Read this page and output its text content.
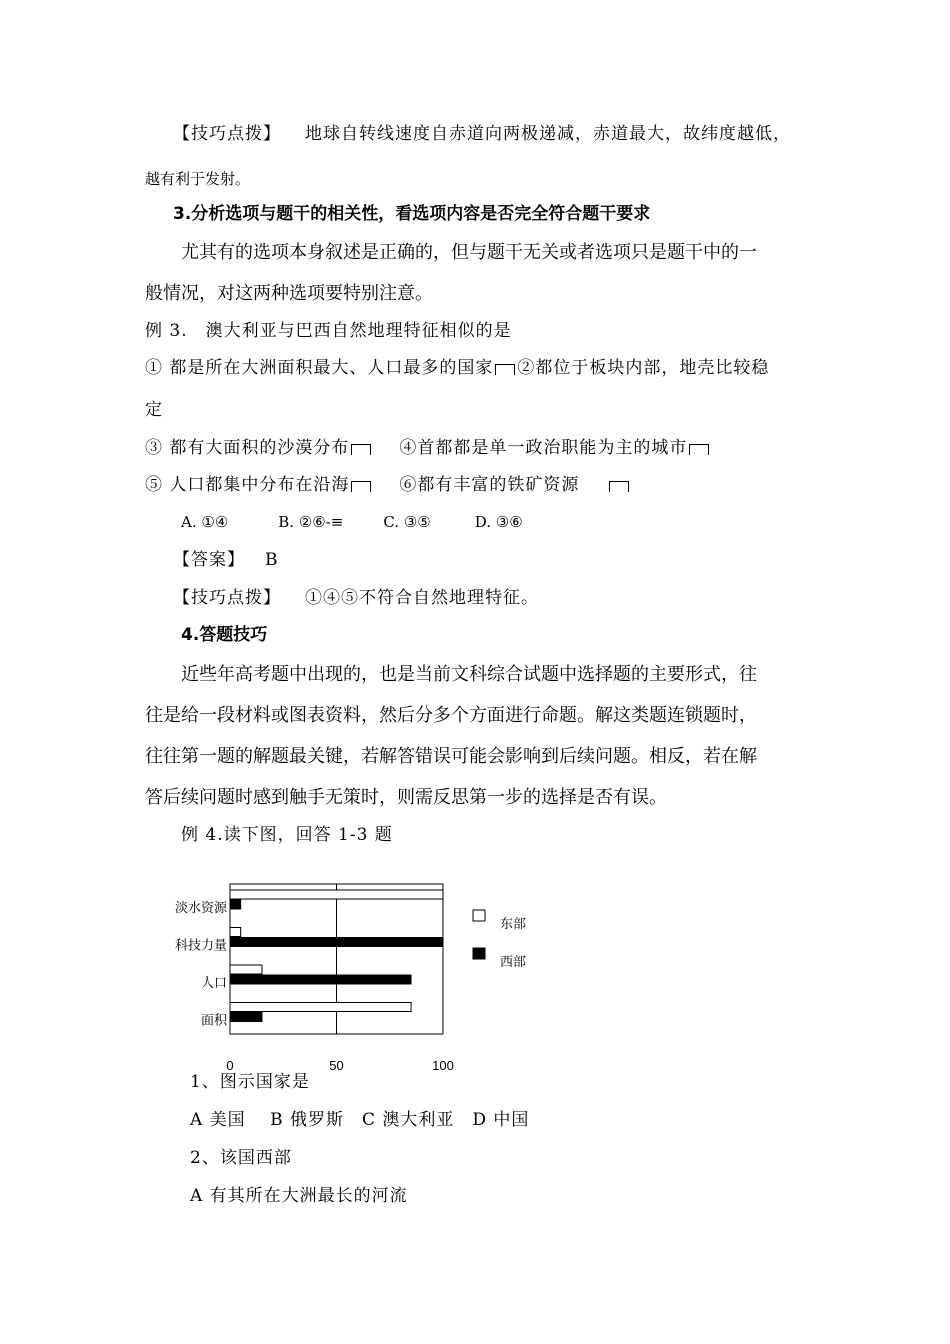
【技巧点拨】 地球自转线速度自赤道向两极递减，赤道最大，故纬度越低，
越有利于发射。
3.分析选项与题干的相关性，看选项内容是否完全符合题干要求
尤其有的选项本身叙述是正确的，但与题干无关或者选项只是题干中的一
般情况，对这两种选项要特别注意。
例 3.　澳大利亚与巴西自然地理特征相似的是
① 都是所在大洲面积最大、人口最多的国家 ②都位于板块内部，地壳比较稳
定
③ 都有大面积的沙漠分布	④首都都是单一政治职能为主的城市
⑤ 人口都集中分布在沿海	⑥都有丰富的铁矿资源
A. ①④	B. ②⑥-≡	C. ③⑤	D. ③⑥
【答案】 B
【技巧点拨】 ①④⑤不符合自然地理特征。
4.答题技巧
近些年高考题中出现的，也是当前文科综合试题中选择题的主要形式，往
往是给一段材料或图表资料，然后分多个方面进行命题。解这类题连锁题时，
往往第一题的解题最关键，若解答错误可能会影响到后续问题。相反，若在解
答后续问题时感到触手无策时，则需反思第一步的选择是否有误。
例 4.读下图，回答 1-3 题
淡水资源
科技力量
人口
面积
0	50	100
东部
西部
1、图示国家是
A 美国　 B 俄罗斯　C 澳大利亚　D 中国
2、该国西部
A 有其所在大洲最长的河流
